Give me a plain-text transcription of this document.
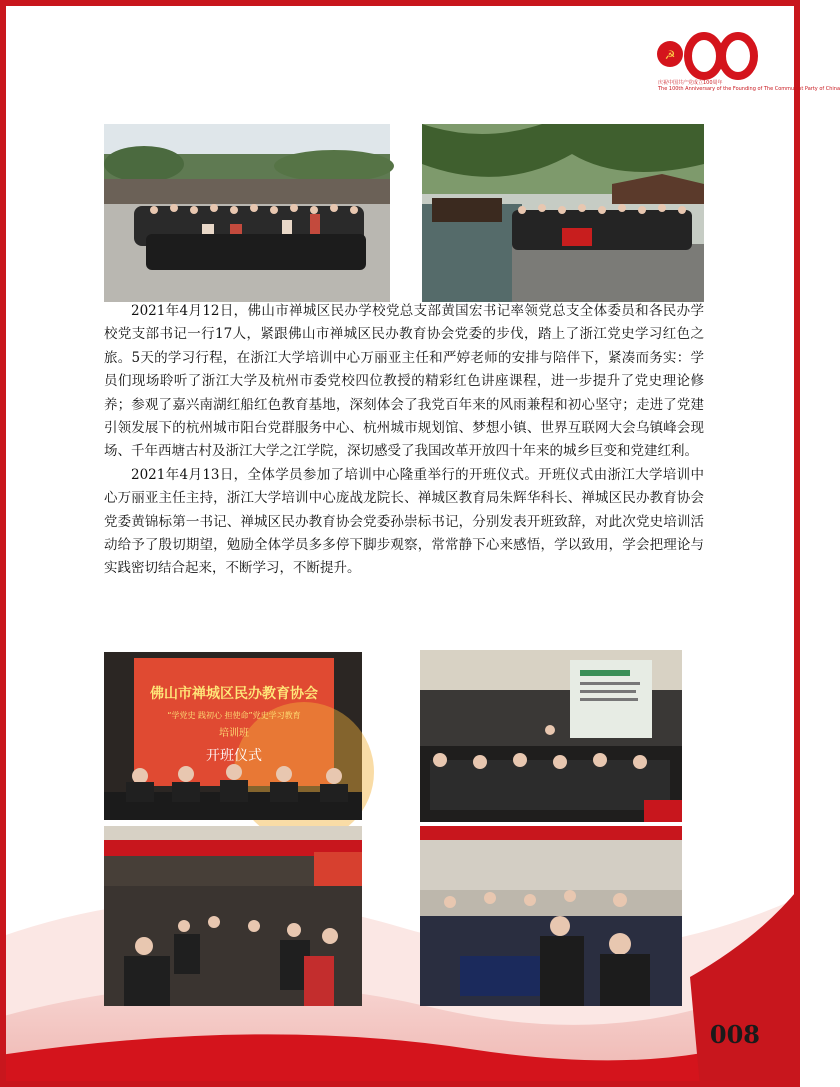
☭	1921	2021
庆祝中国共产党成立100周年
The 100th Anniversary of the Founding of The Communist Party of China

2021年4月12日，佛山市禅城区民办学校党总支部黄国宏书记率领党总支全体委员和各民办学校党支部书记一行17人，紧跟佛山市禅城区民办教育协会党委的步伐，踏上了浙江党史学习红色之旅。5天的学习行程，在浙江大学培训中心万丽亚主任和严婷老师的安排与陪伴下，紧凑而务实：学员们现场聆听了浙江大学及杭州市委党校四位教授的精彩红色讲座课程，进一步提升了党史理论修养；参观了嘉兴南湖红船红色教育基地，深刻体会了我党百年来的风雨兼程和初心坚守；走进了党建引领发展下的杭州城市阳台党群服务中心、杭州城市规划馆、梦想小镇、世界互联网大会乌镇峰会现场、千年西塘古村及浙江大学之江学院，深切感受了我国改革开放四十年来的城乡巨变和党建红利。

2021年4月13日，全体学员参加了培训中心隆重举行的开班仪式。开班仪式由浙江大学培训中心万丽亚主任主持，浙江大学培训中心庞战龙院长、禅城区教育局朱辉华科长、禅城区民办教育协会党委黄锦标第一书记、禅城区民办教育协会党委孙崇标书记，分别发表开班致辞，对此次党史培训活动给予了殷切期望，勉励全体学员多多停下脚步观察，常常静下心来感悟，学以致用，学会把理论与实践密切结合起来，不断学习，不断提升。

佛山市禅城区民办教育协会
“学党史 践初心 担使命”党史学习教育
培训班
开班仪式
008
